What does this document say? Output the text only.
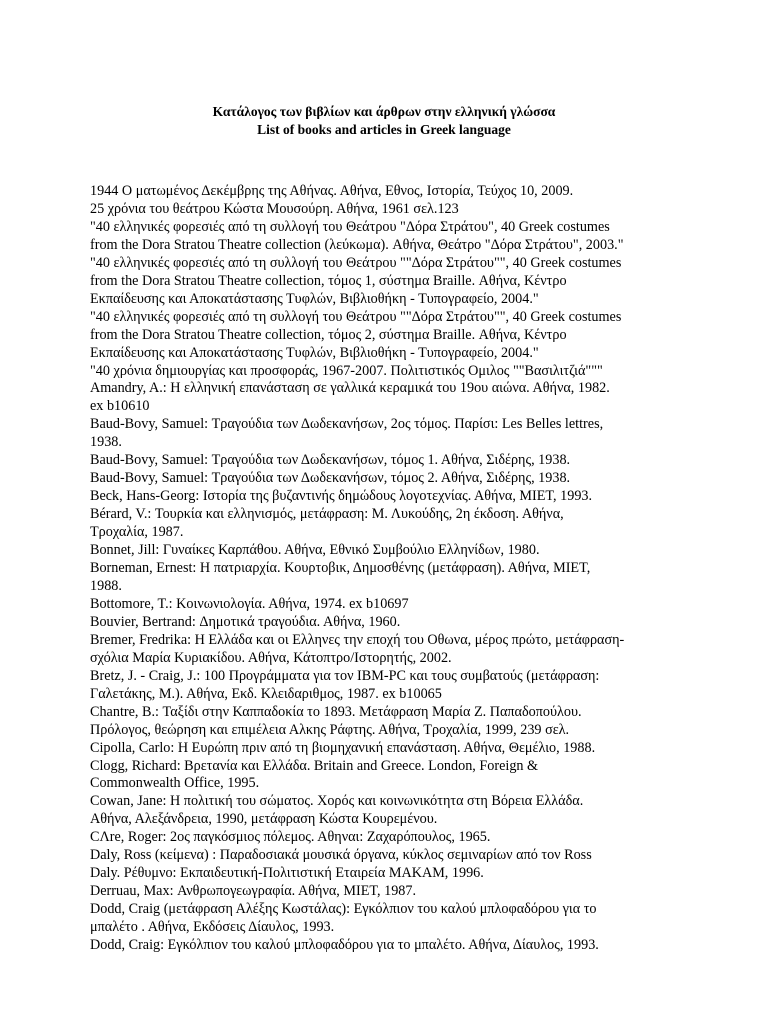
Κατάλογος των βιβλίων και άρθρων στην ελληνική γλώσσα
List of books and articles in Greek language
1944 Ο ματωμένος Δεκέμβρης της Αθήνας. Αθήνα, Εθνος, Ιστορία, Τεύχος 10, 2009.
25 χρόνια του θεάτρου Κώστα Μουσούρη. Αθήνα, 1961 σελ.123
"40 ελληνικές φορεσιές από τη συλλογή του Θεάτρου "Δόρα Στράτου", 40 Greek costumes
from the Dora Stratou Theatre collection (λεύκωμα). Αθήνα, Θεάτρο "Δόρα Στράτου", 2003."
"40 ελληνικές φορεσιές από τη συλλογή του Θεάτρου ""Δόρα Στράτου"", 40 Greek costumes
from the Dora Stratou Theatre collection, τόμος 1, σύστημα Braille. Αθήνα, Κέντρο
Εκπαίδευσης και Αποκατάστασης Τυφλών, Βιβλιοθήκη - Τυπογραφείο, 2004."
"40 ελληνικές φορεσιές από τη συλλογή του Θεάτρου ""Δόρα Στράτου"", 40 Greek costumes
from the Dora Stratou Theatre collection, τόμος 2, σύστημα Braille. Αθήνα, Κέντρο
Εκπαίδευσης και Αποκατάστασης Τυφλών, Βιβλιοθήκη - Τυπογραφείο, 2004."
"40 χρόνια δημιουργίας και προσφοράς, 1967-2007. Πολιτιστικός Ομιλος ""Βασιλιτζιά"""
Amandry, A.: Η ελληνική επανάσταση σε γαλλικά κεραμικά του 19ου αιώνα. Αθήνα, 1982.
ex b10610
Baud-Bovy, Samuel: Τραγούδια των Δωδεκανήσων, 2ος τόμος. Παρίσι: Les Belles lettres,
1938.
Baud-Bovy, Samuel: Τραγούδια των Δωδεκανήσων, τόμος 1. Αθήνα, Σιδέρης, 1938.
Baud-Bovy, Samuel: Τραγούδια των Δωδεκανήσων, τόμος 2. Αθήνα, Σιδέρης, 1938.
Beck, Hans-Georg: Ιστορία της βυζαντινής δημώδους λογοτεχνίας. Αθήνα, ΜΙΕΤ, 1993.
Bérard, V.: Τουρκία και ελληνισμός, μετάφραση: Μ. Λυκούδης, 2η έκδοση. Αθήνα,
Τροχαλία, 1987.
Bonnet, Jill: Γυναίκες Καρπάθου. Αθήνα, Εθνικό Συμβούλιο Ελληνίδων, 1980.
Borneman, Ernest: Η πατριαρχία. Κουρτοβικ, Δημοσθένης (μετάφραση). Αθήνα, ΜΙΕΤ,
1988.
Bottomore, T.: Κοινωνιολογία. Αθήνα, 1974. ex b10697
Bouvier, Bertrand: Δημοτικά τραγούδια. Αθήνα, 1960.
Bremer, Fredrika: Η Ελλάδα και οι Ελληνες την εποχή του Οθωνα, μέρος πρώτο, μετάφραση-
σχόλια Μαρία Κυριακίδου. Αθήνα, Κάτοπτρο/Ιστορητής, 2002.
Bretz, J. - Craig, J.: 100 Προγράμματα για τον IBM-PC και τους συμβατούς (μετάφραση:
Γαλετάκης, Μ.). Αθήνα, Εκδ. Κλειδαριθμος, 1987. ex b10065
Chantre, B.: Ταξίδι στην Καππαδοκία το 1893. Μετάφραση Μαρία Ζ. Παπαδοπούλου.
Πρόλογος, θεώρηση και επιμέλεια Αλκης Ράφτης. Αθήνα, Τροχαλία, 1999, 239 σελ.
Cipolla, Carlo: Η Ευρώπη πριν από τη βιομηχανική επανάσταση. Αθήνα, Θεμέλιο, 1988.
Clogg, Richard: Βρετανία και Ελλάδα. Britain and Greece. London, Foreign &
Commonwealth Office, 1995.
Cowan, Jane: Η πολιτική του σώματος. Χορός και κοινωνικότητα στη Βόρεια Ελλάδα.
Αθήνα, Αλεξάνδρεια, 1990, μετάφραση Κώστα Κουρεμένου.
CΛre, Roger: 2ος παγκόσμιος πόλεμος. Αθηναι: Ζαχαρόπουλος, 1965.
Daly, Ross (κείμενα) : Παραδοσιακά μουσικά όργανα, κύκλος σεμιναρίων από τον Ross
Daly. Ρέθυμνο: Εκπαιδευτική-Πολιτιστική Εταιρεία ΜΑΚΑΜ, 1996.
Derruau, Max: Ανθρωπογεωγραφία. Αθήνα, ΜΙΕΤ, 1987.
Dodd, Craig (μετάφραση Αλέξης Κωστάλας): Εγκόλπιον του καλού μπλοφαδόρου για το
μπαλέτο . Αθήνα, Εκδόσεις Δίαυλος, 1993.
Dodd, Craig: Εγκόλπιον του καλού μπλοφαδόρου για το μπαλέτο. Αθήνα, Δίαυλος, 1993.
